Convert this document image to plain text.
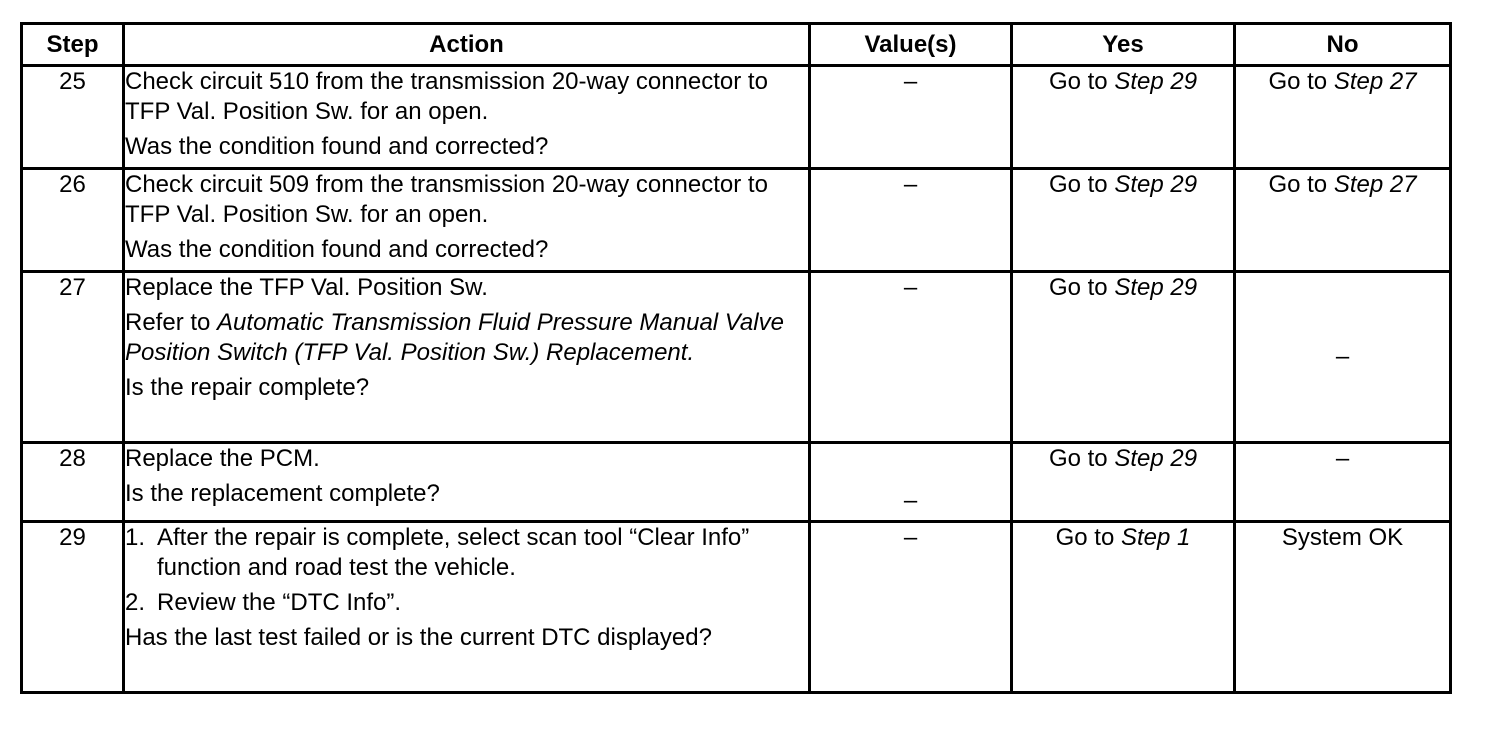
Step	Action	Value(s)	Yes	No
25	Check circuit 510 from the transmission 20-way connector to TFP Val. Position Sw. for an open.
Was the condition found and corrected?	–	Go to Step 29	Go to Step 27
26	Check circuit 509 from the transmission 20-way connector to TFP Val. Position Sw. for an open.
Was the condition found and corrected?	–	Go to Step 29	Go to Step 27
27	Replace the TFP Val. Position Sw.
Refer to Automatic Transmission Fluid Pressure Manual Valve Position Switch (TFP Val. Position Sw.) Replacement.
Is the repair complete?	–	Go to Step 29	–
28	Replace the PCM.
Is the replacement complete?	–	Go to Step 29	–
29	1. After the repair is complete, select scan tool “Clear Info” function and road test the vehicle.
2. Review the “DTC Info”.
Has the last test failed or is the current DTC displayed?	–	Go to Step 1	System OK
